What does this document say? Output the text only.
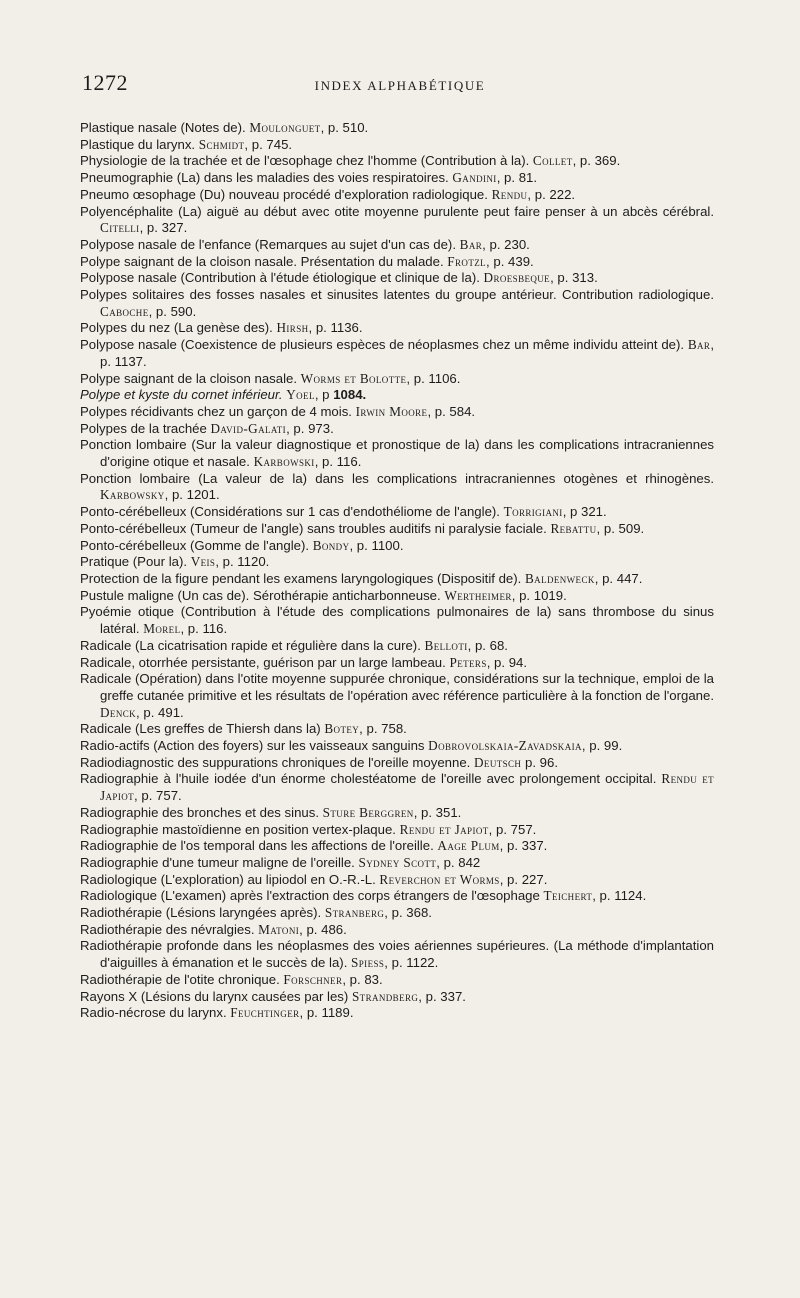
1272	INDEX ALPHABÉTIQUE
Plastique nasale (Notes de). Moulonguet, p. 510.
Plastique du larynx. Schmidt, p. 745.
Physiologie de la trachée et de l'œsophage chez l'homme (Contribution à la). Collet, p. 369.
Pneumographie (La) dans les maladies des voies respiratoires. Gandini, p. 81.
Pneumo œsophage (Du) nouveau procédé d'exploration radiologique. Rendu, p. 222.
Polyencéphalite (La) aiguë au début avec otite moyenne purulente peut faire penser à un abcès cérébral. Citelli, p. 327.
Polypose nasale de l'enfance (Remarques au sujet d'un cas de). Bar, p. 230.
Polype saignant de la cloison nasale. Présentation du malade. Frotzl, p. 439.
Polypose nasale (Contribution à l'étude étiologique et clinique de la). Droesbeque, p. 313.
Polypes solitaires des fosses nasales et sinusites latentes du groupe antérieur. Contribution radiologique. Caboche, p. 590.
Polypes du nez (La genèse des). Hirsh, p. 1136.
Polypose nasale (Coexistence de plusieurs espèces de néoplasmes chez un même individu atteint de). Bar, p. 1137.
Polype saignant de la cloison nasale. Worms et Bolotte, p. 1106.
Polype et kyste du cornet inférieur. Yoel, p 1084.
Polypes récidivants chez un garçon de 4 mois. Irwin Moore, p. 584.
Polypes de la trachée David-Galati, p. 973.
Ponction lombaire (Sur la valeur diagnostique et pronostique de la) dans les complications intracraniennes d'origine otique et nasale. Karbowski, p. 116.
Ponction lombaire (La valeur de la) dans les complications intracraniennes otogènes et rhinogènes. Karbowsky, p. 1201.
Ponto-cérébelleux (Considérations sur 1 cas d'endothéliome de l'angle). Torrigiani, p 321.
Ponto-cérébelleux (Tumeur de l'angle) sans troubles auditifs ni paralysie faciale. Rebattu, p. 509.
Ponto-cérébelleux (Gomme de l'angle). Bondy, p. 1100.
Pratique (Pour la). Veis, p. 1120.
Protection de la figure pendant les examens laryngologiques (Dispositif de). Baldenweck, p. 447.
Pustule maligne (Un cas de). Sérothérapie anticharbonneuse. Wertheimer, p. 1019.
Pyoémie otique (Contribution à l'étude des complications pulmonaires de la) sans thrombose du sinus latéral. Morel, p. 116.
Radicale (La cicatrisation rapide et régulière dans la cure). Belloti, p. 68.
Radicale, otorrhée persistante, guérison par un large lambeau. Peters, p. 94.
Radicale (Opération) dans l'otite moyenne suppurée chronique, considérations sur la technique, emploi de la greffe cutanée primitive et les résultats de l'opération avec référence particulière à la fonction de l'organe. Denck, p. 491.
Radicale (Les greffes de Thiersh dans la) Botey, p. 758.
Radio-actifs (Action des foyers) sur les vaisseaux sanguins Dobrovolskaia-Zavadskaia, p. 99.
Radiodiagnostic des suppurations chroniques de l'oreille moyenne. Deutsch p. 96.
Radiographie à l'huile iodée d'un énorme cholestéatome de l'oreille avec prolongement occipital. Rendu et Japiot, p. 757.
Radiographie des bronches et des sinus. Sture Berggren, p. 351.
Radiographie mastoïdienne en position vertex-plaque. Rendu et Japiot, p. 757.
Radiographie de l'os temporal dans les affections de l'oreille. Aage Plum, p. 337.
Radiographie d'une tumeur maligne de l'oreille. Sydney Scott, p. 842
Radiologique (L'exploration) au lipiodol en O.-R.-L. Reverchon et Worms, p. 227.
Radiologique (L'examen) après l'extraction des corps étrangers de l'œsophage Teichert, p. 1124.
Radiothérapie (Lésions laryngées après). Stranberg, p. 368.
Radiothérapie des névralgies. Matoni, p. 486.
Radiothérapie profonde dans les néoplasmes des voies aériennes supérieures. (La méthode d'implantation d'aiguilles à émanation et le succès de la). Spiess, p. 1122.
Radiothérapie de l'otite chronique. Forschner, p. 83.
Rayons X (Lésions du larynx causées par les) Strandberg, p. 337.
Radio-nécrose du larynx. Feuchtinger, p. 1189.
